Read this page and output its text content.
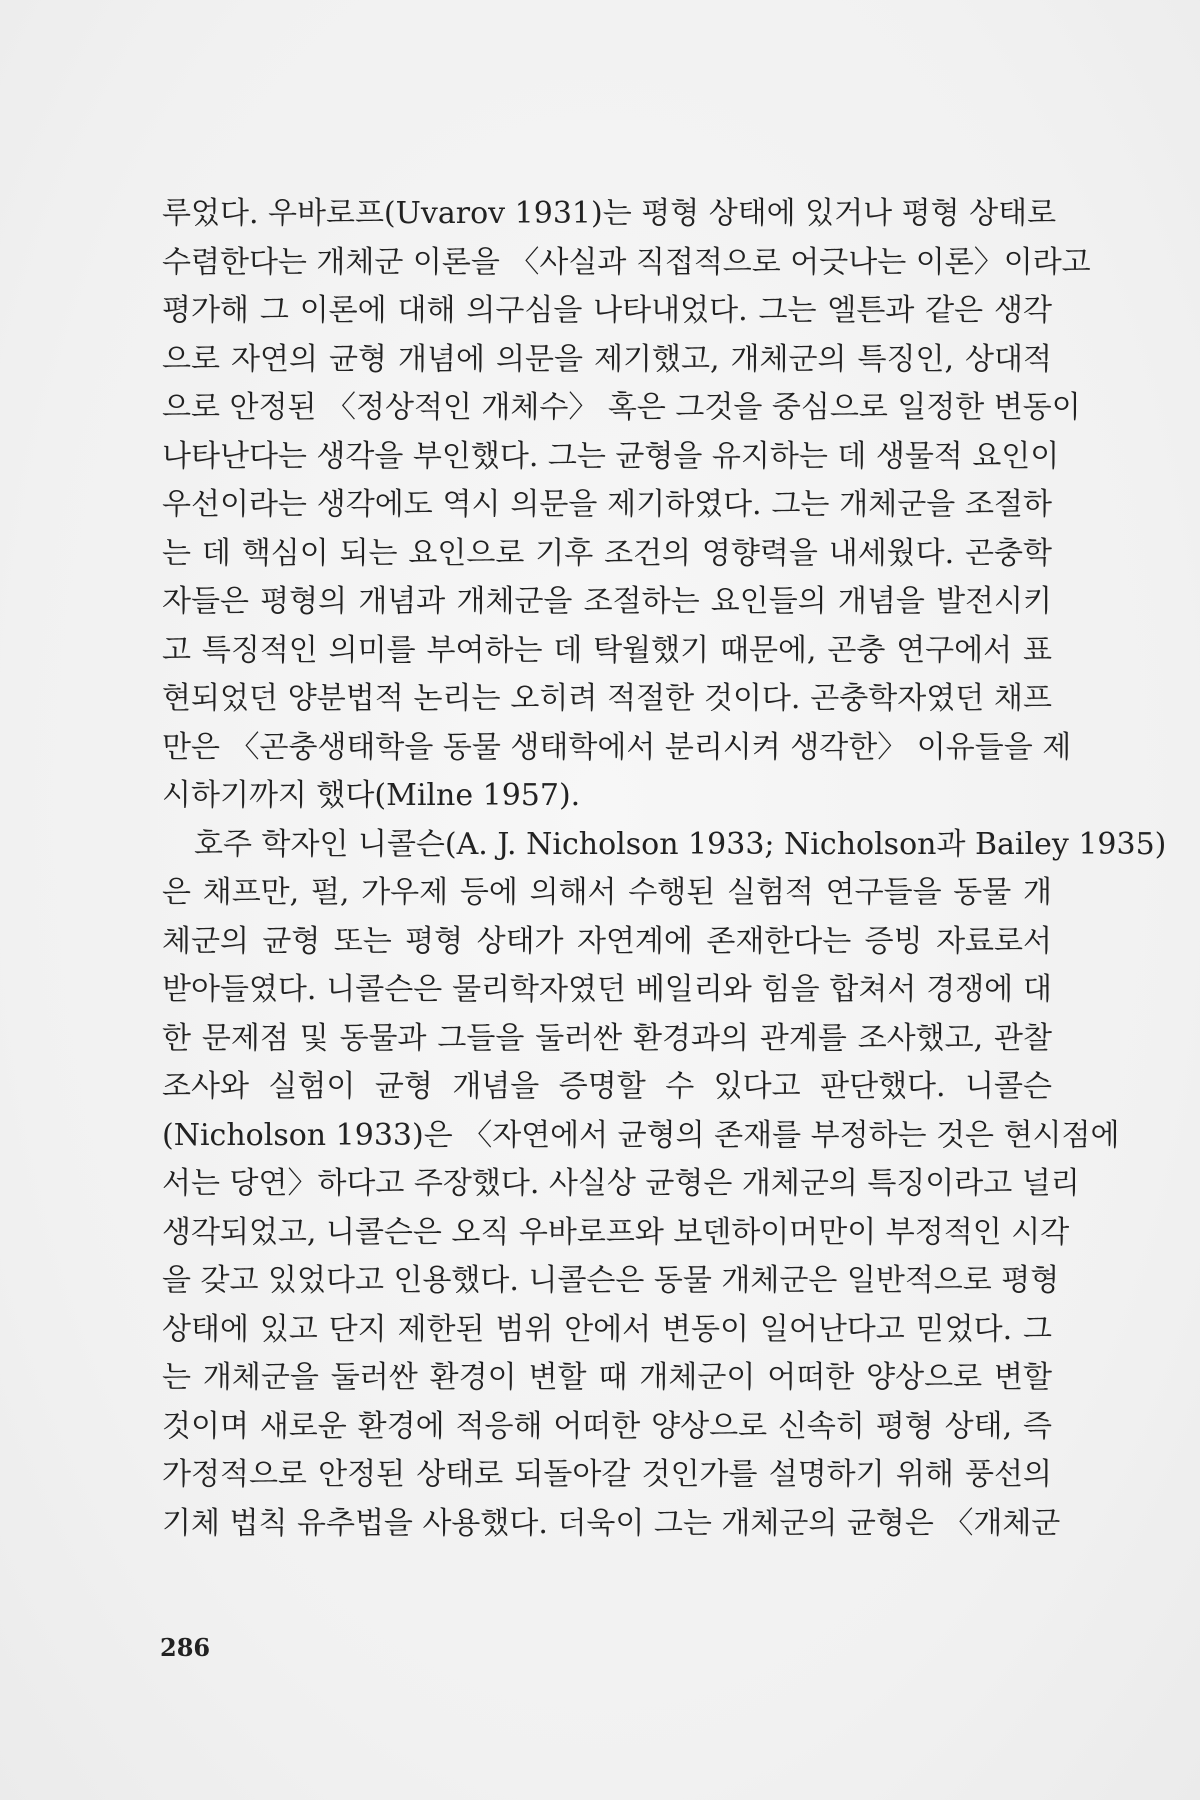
루었다. 우바로프(Uvarov 1931)는 평형 상태에 있거나 평형 상태로
수렴한다는 개체군 이론을 〈사실과 직접적으로 어긋나는 이론〉이라고
평가해 그 이론에 대해 의구심을 나타내었다. 그는 엘튼과 같은 생각
으로 자연의 균형 개념에 의문을 제기했고, 개체군의 특징인, 상대적
으로 안정된 〈정상적인 개체수〉 혹은 그것을 중심으로 일정한 변동이
나타난다는 생각을 부인했다. 그는 균형을 유지하는 데 생물적 요인이
우선이라는 생각에도 역시 의문을 제기하였다. 그는 개체군을 조절하
는 데 핵심이 되는 요인으로 기후 조건의 영향력을 내세웠다. 곤충학
자들은 평형의 개념과 개체군을 조절하는 요인들의 개념을 발전시키
고 특징적인 의미를 부여하는 데 탁월했기 때문에, 곤충 연구에서 표
현되었던 양분법적 논리는 오히려 적절한 것이다. 곤충학자였던 채프
만은 〈곤충생태학을 동물 생태학에서 분리시켜 생각한〉 이유들을 제
시하기까지 했다(Milne 1957).
호주 학자인 니콜슨(A. J. Nicholson 1933; Nicholson과 Bailey 1935)
은 채프만, 펄, 가우제 등에 의해서 수행된 실험적 연구들을 동물 개
체군의 균형 또는 평형 상태가 자연계에 존재한다는 증빙 자료로서
받아들였다. 니콜슨은 물리학자였던 베일리와 힘을 합쳐서 경쟁에 대
한 문제점 및 동물과 그들을 둘러싼 환경과의 관계를 조사했고, 관찰
조사와 실험이 균형 개념을 증명할 수 있다고 판단했다. 니콜슨
(Nicholson 1933)은 〈자연에서 균형의 존재를 부정하는 것은 현시점에
서는 당연〉하다고 주장했다. 사실상 균형은 개체군의 특징이라고 널리
생각되었고, 니콜슨은 오직 우바로프와 보덴하이머만이 부정적인 시각
을 갖고 있었다고 인용했다. 니콜슨은 동물 개체군은 일반적으로 평형
상태에 있고 단지 제한된 범위 안에서 변동이 일어난다고 믿었다. 그
는 개체군을 둘러싼 환경이 변할 때 개체군이 어떠한 양상으로 변할
것이며 새로운 환경에 적응해 어떠한 양상으로 신속히 평형 상태, 즉
가정적으로 안정된 상태로 되돌아갈 것인가를 설명하기 위해 풍선의
기체 법칙 유추법을 사용했다. 더욱이 그는 개체군의 균형은 〈개체군
286
